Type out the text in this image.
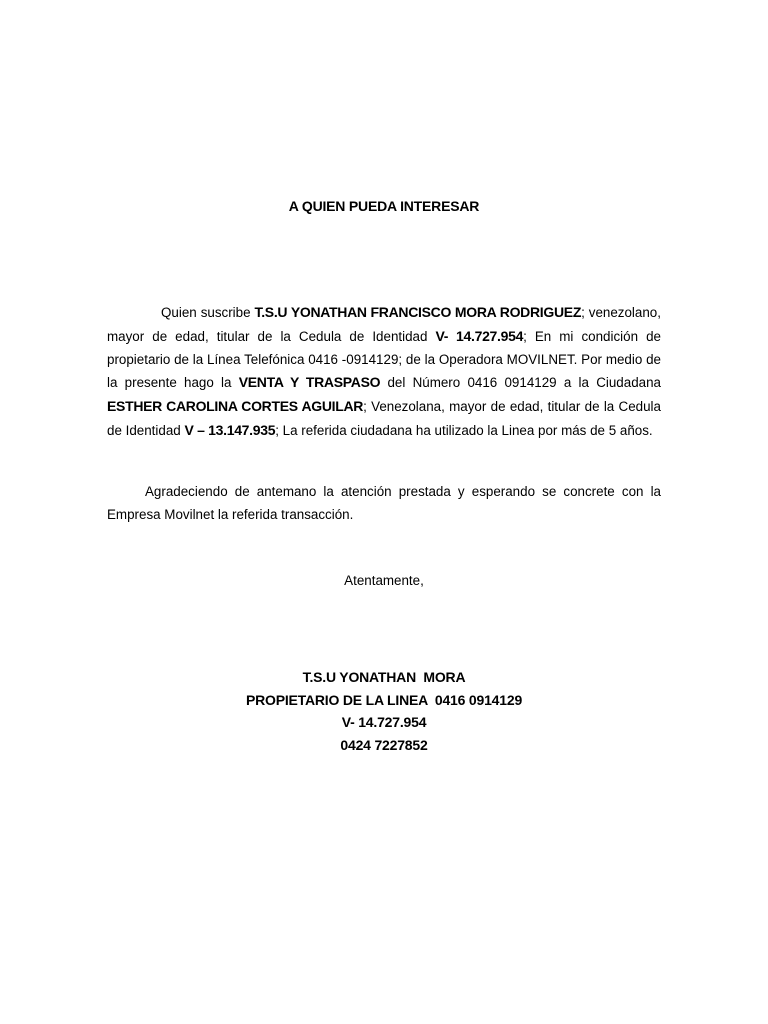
A QUIEN PUEDA INTERESAR
Quien suscribe T.S.U YONATHAN FRANCISCO MORA RODRIGUEZ; venezolano, mayor de edad, titular de la Cedula de Identidad V- 14.727.954; En mi condición de propietario de la Línea Telefónica 0416 -0914129; de la Operadora MOVILNET. Por medio de la presente hago la VENTA Y TRASPASO del Número 0416 0914129 a la Ciudadana ESTHER CAROLINA CORTES AGUILAR; Venezolana, mayor de edad, titular de la Cedula de Identidad V – 13.147.935; La referida ciudadana ha utilizado la Linea por más de 5 años.
Agradeciendo de antemano la atención prestada y esperando se concrete con la Empresa Movilnet la referida transacción.
Atentamente,
T.S.U YONATHAN  MORA
PROPIETARIO DE LA LINEA  0416 0914129
V- 14.727.954
0424 7227852
